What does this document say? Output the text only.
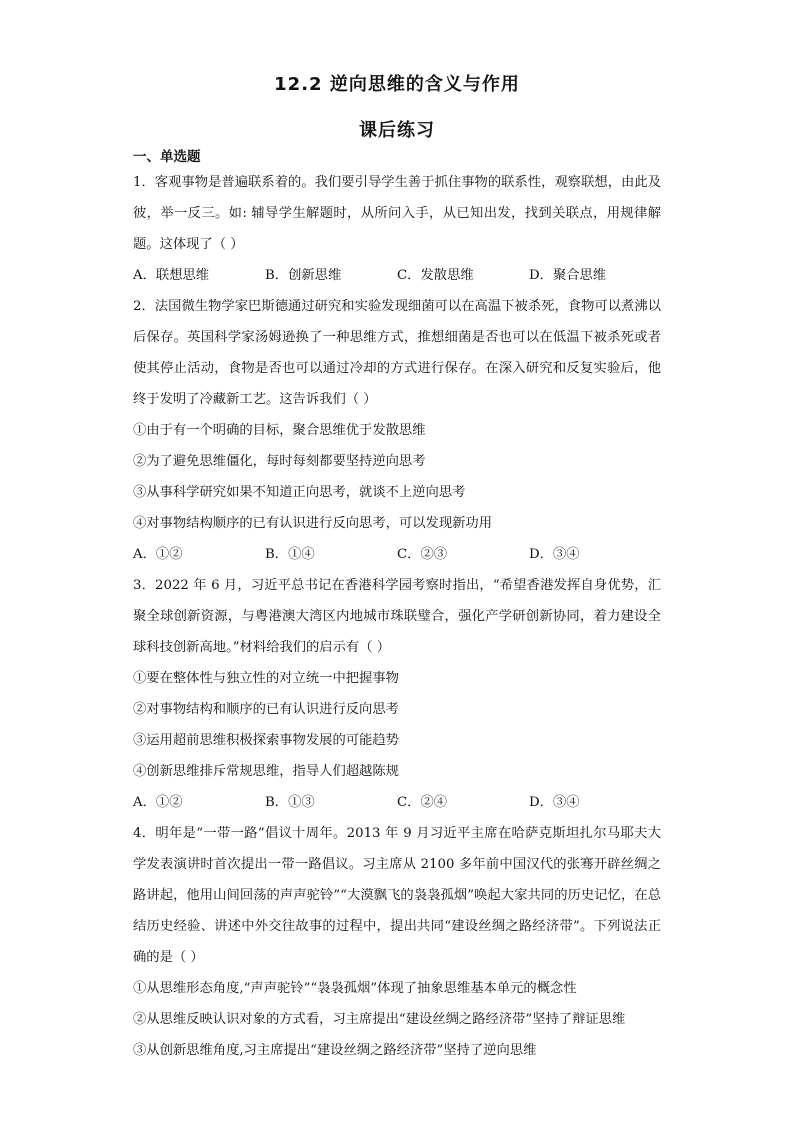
12.2 逆向思维的含义与作用
课后练习
一、单选题

1．客观事物是普遍联系着的。我们要引导学生善于抓住事物的联系性，观察联想，由此及彼，举一反三。如: 辅导学生解题时，从所问入手，从已知出发，找到关联点，用规律解题。这体现了（ ）

A．联想思维	B．创新思维	C．发散思维	D．聚合思维

2．法国微生物学家巴斯德通过研究和实验发现细菌可以在高温下被杀死，食物可以煮沸以后保存。英国科学家汤姆逊换了一种思维方式，推想细菌是否也可以在低温下被杀死或者使其停止活动，食物是否也可以通过冷却的方式进行保存。在深入研究和反复实验后，他终于发明了冷藏新工艺。这告诉我们（ ）

①由于有一个明确的目标，聚合思维优于发散思维

②为了避免思维僵化，每时每刻都要坚持逆向思考

③从事科学研究如果不知道正向思考，就谈不上逆向思考

④对事物结构顺序的已有认识进行反向思考，可以发现新功用

A．①②	B．①④	C．②③	D．③④

3．2022 年 6 月，习近平总书记在香港科学园考察时指出，“希望香港发挥自身优势，汇聚全球创新资源，与粤港澳大湾区内地城市珠联璧合，强化产学研创新协同，着力建设全球科技创新高地。”材料给我们的启示有（ ）

①要在整体性与独立性的对立统一中把握事物

②对事物结构和顺序的已有认识进行反向思考

③运用超前思维积极探索事物发展的可能趋势

④创新思维排斥常规思维，指导人们超越陈规

A．①②	B．①③	C．②④	D．③④

4．明年是“一带一路”倡议十周年。2013 年 9 月习近平主席在哈萨克斯坦扎尔马耶夫大学发表演讲时首次提出一带一路倡议。习主席从 2100 多年前中国汉代的张骞开辟丝绸之路讲起，他用山间回荡的声声驼铃”“大漠飘飞的袅袅孤烟”唤起大家共同的历史记忆，在总结历史经验、讲述中外交往故事的过程中，提出共同“建设丝绸之路经济带”。下列说法正确的是（ ）

①从思维形态角度,“声声驼铃”“袅袅孤烟”体现了抽象思维基本单元的概念性

②从思维反映认识对象的方式看，习主席提出“建设丝绸之路经济带”坚持了辩证思维

③从创新思维角度,习主席提出“建设丝绸之路经济带”坚持了逆向思维
